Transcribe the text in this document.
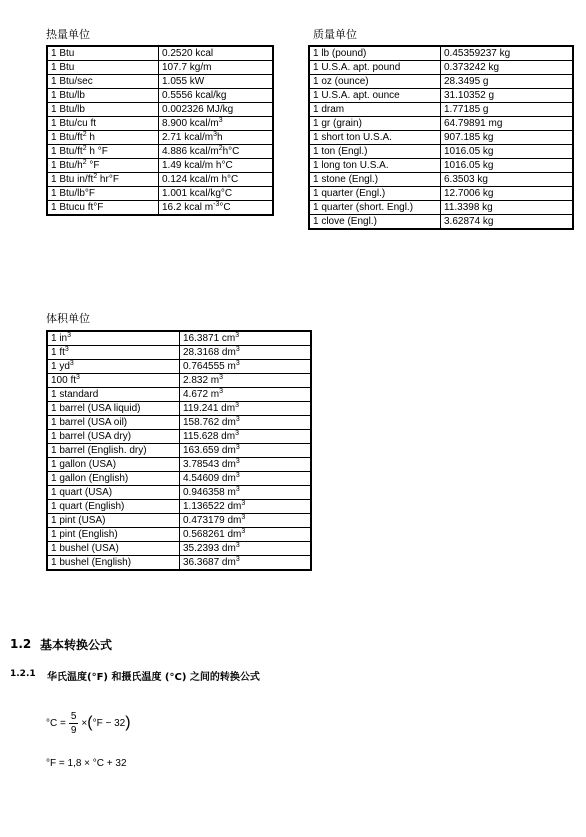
热量单位
1 Btu	0.2520 kcal
1 Btu	107.7 kg/m
1 Btu/sec	1.055 kW
1 Btu/lb	0.5556 kcal/kg
1 Btu/lb	0.002326 MJ/kg
1 Btu/cu ft	8.900 kcal/$m^3$
1 Btu/$ft^2$ h	2.71 kcal/$m^3h$
1 Btu/$ft^2$ h °F	4.886 kcal/$m^2h^\circ C$
1 Btu/$h^2$ °F	1.49 kcal/m h°C
1 Btu $in/ft^2$ hr°F	0.124 kcal/m h°C
1 Btu/lb°F	1.001 kcal/kg°C
1 Btucu ft°F	16.2 kcal $m^{-3}^\circ C$
质量单位
1 lb (pound)	0.45359237 kg
1 U.S.A. apt. pound	0.373242 kg
1 oz (ounce)	28.3495 g
1 U.S.A. apt. ounce	31.10352 g
1 dram	1.77185 g
1 gr (grain)	64.79891 mg
1 short ton U.S.A.	907.185 kg
1 ton (Engl.)	1016.05 kg
1 long ton U.S.A.	1016.05 kg
1 stone (Engl.)	6.3503 kg
1 quarter (Engl.)	12.7006 kg
1 quarter (short. Engl.)	11.3398 kg
1 clove (Engl.)	3.62874 kg
体积单位
1 $in^3$	16.3871 $cm^3$
1 $ft^3$	28.3168 $dm^3$
1 $yd^3$	0.764555 $m^3$
100 $ft^3$	2.832 $m^3$
1 standard	4.672 $m^3$
1 barrel (USA liquid)	119.241 $dm^3$
1 barrel (USA oil)	158.762 $dm^3$
1 barrel (USA dry)	115.628 $dm^3$
1 barrel (English. dry)	163.659 $dm^3$
1 gallon (USA)	3.78543 $dm^3$
1 gallon (English)	4.54609 $dm^3$
1 quart (USA)	0.946358 $m^3$
1 quart (English)	1.136522 $dm^3$
1 pint (USA)	0.473179 $dm^3$
1 pint (English)	0.568261 $dm^3$
1 bushel (USA)	35.2393 $dm^3$
1 bushel (English)	36.3687 $dm^3$
1.2 基本转换公式
1.2.1 华氏温度(°F) 和摄氏温度 (°C) 之间的转换公式
$^\circ C = \frac{5}{9}$ × ( °F − 32 )
°F = 1,8 × °C + 32
